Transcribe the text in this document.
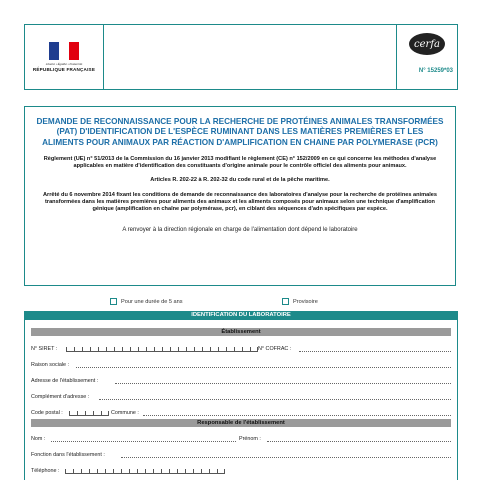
Liberté • Égalité • Fraternité
RÉPUBLIQUE FRANÇAISE
cerfa
N° 15259*03
DEMANDE DE RECONNAISSANCE POUR LA RECHERCHE DE PROTÉINES ANIMALES TRANSFORMÉES (PAT) D'IDENTIFICATION DE L'ESPÈCE RUMINANT DANS LES MATIÈRES PREMIÈRES ET LES ALIMENTS POUR ANIMAUX PAR RÉACTION D'AMPLIFICATION EN CHAINE PAR POLYMERASE (PCR)
Règlement (UE) n° 51/2013 de la Commission du 16 janvier 2013 modifiant le règlement (CE) n° 152/2009 en ce qui concerne les méthodes d'analyse applicables en matière d'identification des constituants d'origine animale pour le contrôle officiel des aliments pour animaux.
Articles R. 202-22 à R. 202-32 du code rural et de la pêche maritime.
Arrêté du 6 novembre 2014 fixant les conditions de demande de reconnaissance des laboratoires d'analyse pour la recherche de protéines animales transformées dans les matières premières pour aliments des animaux et les aliments composés pour animaux selon une technique d'amplification génique (amplification en chaîne par polymérase, pcr), en ciblant des séquences d'adn spécifiques par espèce.
A renvoyer à la direction régionale en charge de l'alimentation dont dépend le laboratoire
Pour une durée de 5 ans	Provisoire
IDENTIFICATION DU LABORATOIRE
Établissement
N° SIRET :	N° COFRAC :
Raison sociale :
Adresse de l'établissement :
Complément d'adresse :
Code postal :	Commune :
Responsable de l'établissement
Nom :	Prénom :
Fonction dans l'établissement :
Téléphone :
